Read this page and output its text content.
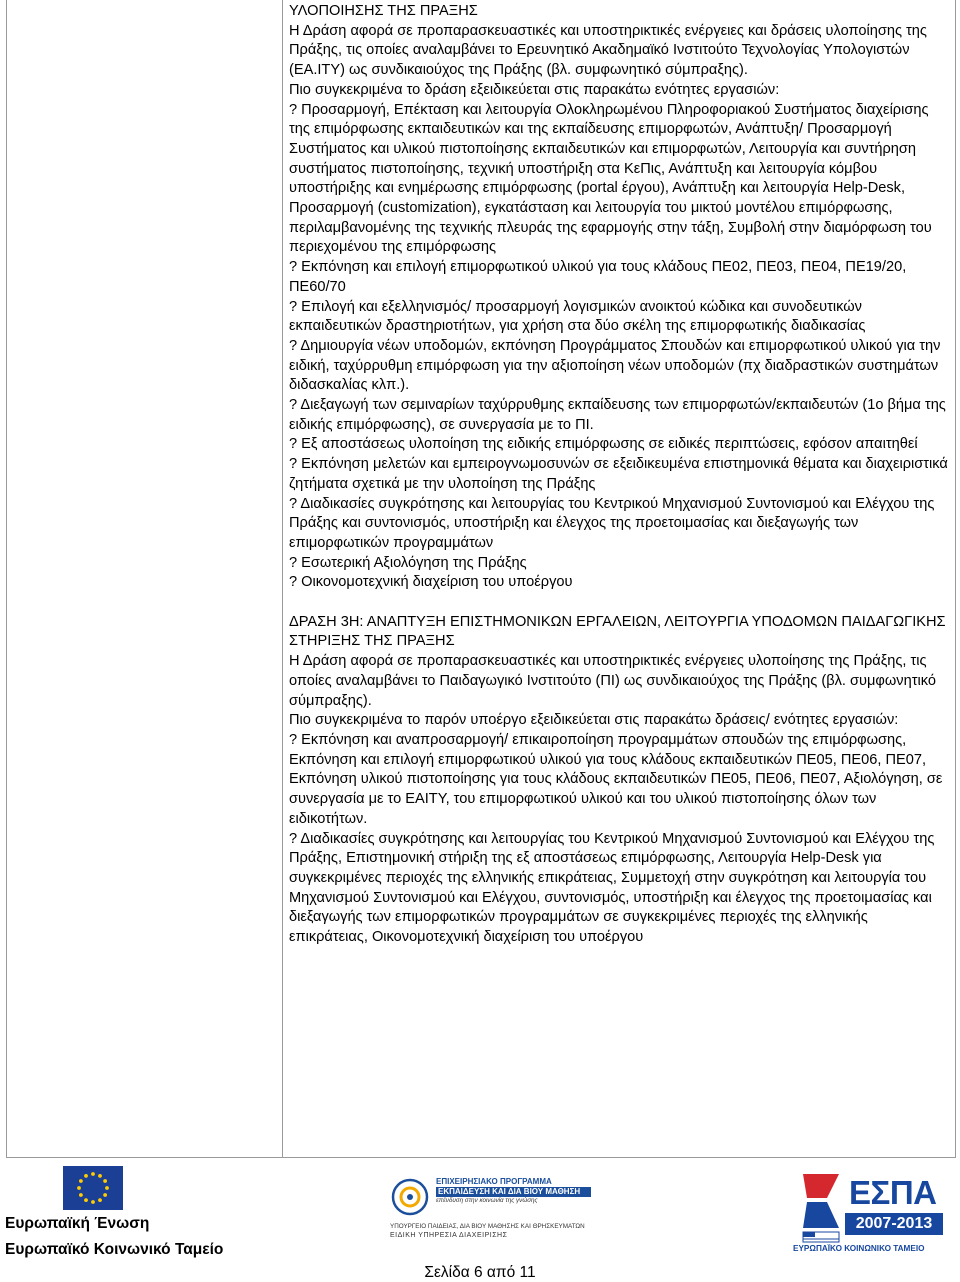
ΥΛΟΠΟΙΗΣΗΣ ΤΗΣ ΠΡΑΞΗΣ

Η Δράση αφορά σε προπαρασκευαστικές και υποστηρικτικές ενέργειες και δράσεις υλοποίησης της Πράξης, τις οποίες αναλαμβάνει το Ερευνητικό Ακαδημαϊκό Ινστιτούτο Τεχνολογίας Υπολογιστών (ΕΑ.ΙΤΥ) ως συνδικαιούχος της Πράξης (βλ. συμφωνητικό σύμπραξης).

Πιο συγκεκριμένα το δράση εξειδικεύεται στις παρακάτω ενότητες εργασιών:

? Προσαρμογή, Επέκταση και λειτουργία Ολοκληρωμένου Πληροφοριακού Συστήματος διαχείρισης της επιμόρφωσης εκπαιδευτικών και της εκπαίδευσης επιμορφωτών, Ανάπτυξη/ Προσαρμογή Συστήματος και υλικού πιστοποίησης εκπαιδευτικών και επιμορφωτών, Λειτουργία και συντήρηση συστήματος πιστοποίησης, τεχνική υποστήριξη στα ΚεΠις, Ανάπτυξη και λειτουργία κόμβου υποστήριξης και ενημέρωσης επιμόρφωσης (portal έργου), Ανάπτυξη και λειτουργία Help-Desk, Προσαρμογή (customization), εγκατάσταση και λειτουργία του μικτού μοντέλου επιμόρφωσης, περιλαμβανομένης της τεχνικής πλευράς της εφαρμογής στην τάξη, Συμβολή στην διαμόρφωση του περιεχομένου της επιμόρφωσης

? Εκπόνηση και επιλογή επιμορφωτικού υλικού για τους κλάδους ΠΕ02, ΠΕ03, ΠΕ04, ΠΕ19/20, ΠΕ60/70

? Επιλογή και εξελληνισμός/ προσαρμογή λογισμικών ανοικτού κώδικα και συνοδευτικών εκπαιδευτικών δραστηριοτήτων, για χρήση στα δύο σκέλη της επιμορφωτικής διαδικασίας

? Δημιουργία νέων υποδομών, εκπόνηση Προγράμματος Σπουδών και επιμορφωτικού υλικού για την ειδική, ταχύρρυθμη επιμόρφωση για την αξιοποίηση νέων υποδομών (πχ διαδραστικών συστημάτων διδασκαλίας κλπ.).

? Διεξαγωγή των σεμιναρίων ταχύρρυθμης εκπαίδευσης των επιμορφωτών/εκπαιδευτών (1ο βήμα της ειδικής επιμόρφωσης), σε συνεργασία με το ΠΙ.

? Εξ αποστάσεως υλοποίηση της ειδικής επιμόρφωσης σε ειδικές περιπτώσεις, εφόσον απαιτηθεί

? Εκπόνηση μελετών και εμπειρογνωμοσυνών σε εξειδικευμένα επιστημονικά θέματα και διαχειριστικά ζητήματα σχετικά με την υλοποίηση της Πράξης

? Διαδικασίες συγκρότησης και λειτουργίας του Κεντρικού Μηχανισμού Συντονισμού και Ελέγχου της Πράξης και συντονισμός, υποστήριξη και έλεγχος της προετοιμασίας και διεξαγωγής των επιμορφωτικών προγραμμάτων

? Εσωτερική Αξιολόγηση της Πράξης

? Οικονομοτεχνική διαχείριση του υποέργου

ΔΡΑΣΗ 3Η: ΑΝΑΠΤΥΞΗ ΕΠΙΣΤΗΜΟΝΙΚΩΝ ΕΡΓΑΛΕΙΩΝ, ΛΕΙΤΟΥΡΓΙΑ ΥΠΟΔΟΜΩΝ ΠΑΙΔΑΓΩΓΙΚΗΣ ΣΤΗΡΙΞΗΣ ΤΗΣ ΠΡΑΞΗΣ

Η Δράση αφορά σε προπαρασκευαστικές και υποστηρικτικές ενέργειες υλοποίησης της Πράξης, τις οποίες αναλαμβάνει το Παιδαγωγικό Ινστιτούτο (ΠΙ) ως συνδικαιούχος της Πράξης (βλ. συμφωνητικό σύμπραξης).

Πιο συγκεκριμένα το παρόν υποέργο εξειδικεύεται στις παρακάτω δράσεις/ ενότητες εργασιών:

? Εκπόνηση και αναπροσαρμογή/ επικαιροποίηση προγραμμάτων σπουδών της επιμόρφωσης, Εκπόνηση και επιλογή επιμορφωτικού υλικού για τους κλάδους εκπαιδευτικών ΠΕ05, ΠΕ06, ΠΕ07, Εκπόνηση υλικού πιστοποίησης για τους κλάδους εκπαιδευτικών ΠΕ05, ΠΕ06, ΠΕ07, Αξιολόγηση, σε συνεργασία με το ΕΑΙΤΥ, του επιμορφωτικού υλικού και του υλικού πιστοποίησης όλων των ειδικοτήτων.

? Διαδικασίες συγκρότησης και λειτουργίας του Κεντρικού Μηχανισμού Συντονισμού και Ελέγχου της Πράξης, Επιστημονική στήριξη της εξ αποστάσεως επιμόρφωσης, Λειτουργία Help-Desk για συγκεκριμένες περιοχές της ελληνικής επικράτειας, Συμμετοχή στην συγκρότηση και λειτουργία του Μηχανισμού Συντονισμού και Ελέγχου, συντονισμός, υποστήριξη και έλεγχος της προετοιμασίας και διεξαγωγής των επιμορφωτικών προγραμμάτων σε συγκεκριμένες περιοχές της ελληνικής επικράτειας, Οικονομοτεχνική διαχείριση του υποέργου

Ευρωπαϊκή Ένωση
Ευρωπαϊκό Κοινωνικό Ταμείο
ΕΠΙΧΕΙΡΗΣΙΑΚΟ ΠΡΟΓΡΑΜΜΑ
ΕΚΠΑΙΔΕΥΣΗ ΚΑΙ ΔΙΑ ΒΙΟΥ ΜΑΘΗΣΗ
επένδυση στην κοινωνία της γνώσης
ΥΠΟΥΡΓΕΙΟ ΠΑΙΔΕΙΑΣ, ΔΙΑ ΒΙΟΥ ΜΑΘΗΣΗΣ ΚΑΙ ΘΡΗΣΚΕΥΜΑΤΩΝ
ΕΙΔΙΚΗ ΥΠΗΡΕΣΙΑ ΔΙΑΧΕΙΡΙΣΗΣ
ΕΣΠΑ
2007-2013
ΕΥΡΩΠΑΪΚΟ ΚΟΙΝΩΝΙΚΟ ΤΑΜΕΙΟ
Σελίδα 6 από 11
